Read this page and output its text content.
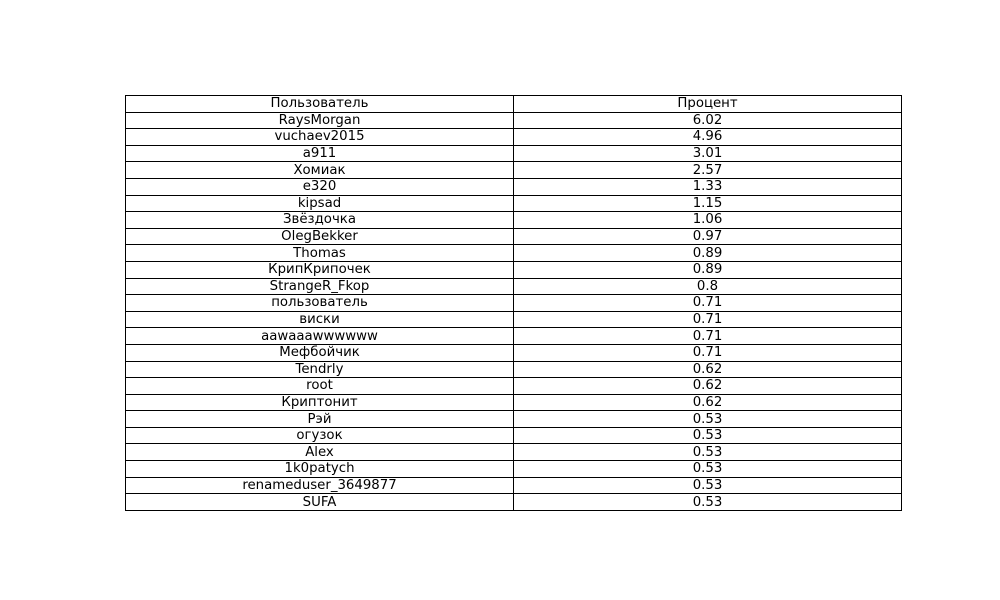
Пользователь	Процент
RaysMorgan	6.02
vuchaev2015	4.96
a911	3.01
Хомиак	2.57
e320	1.33
kipsad	1.15
Звёздочка	1.06
OlegBekker	0.97
Thomas	0.89
КрипКрипочек	0.89
StrangeR_Fkop	0.8
пользователь	0.71
виски	0.71
aawaaawwwwww	0.71
Мефбойчик	0.71
Tendrly	0.62
root	0.62
Криптонит	0.62
Рэй	0.53
огузок	0.53
Alex	0.53
1k0patych	0.53
renameduser_3649877	0.53
SUFA	0.53
